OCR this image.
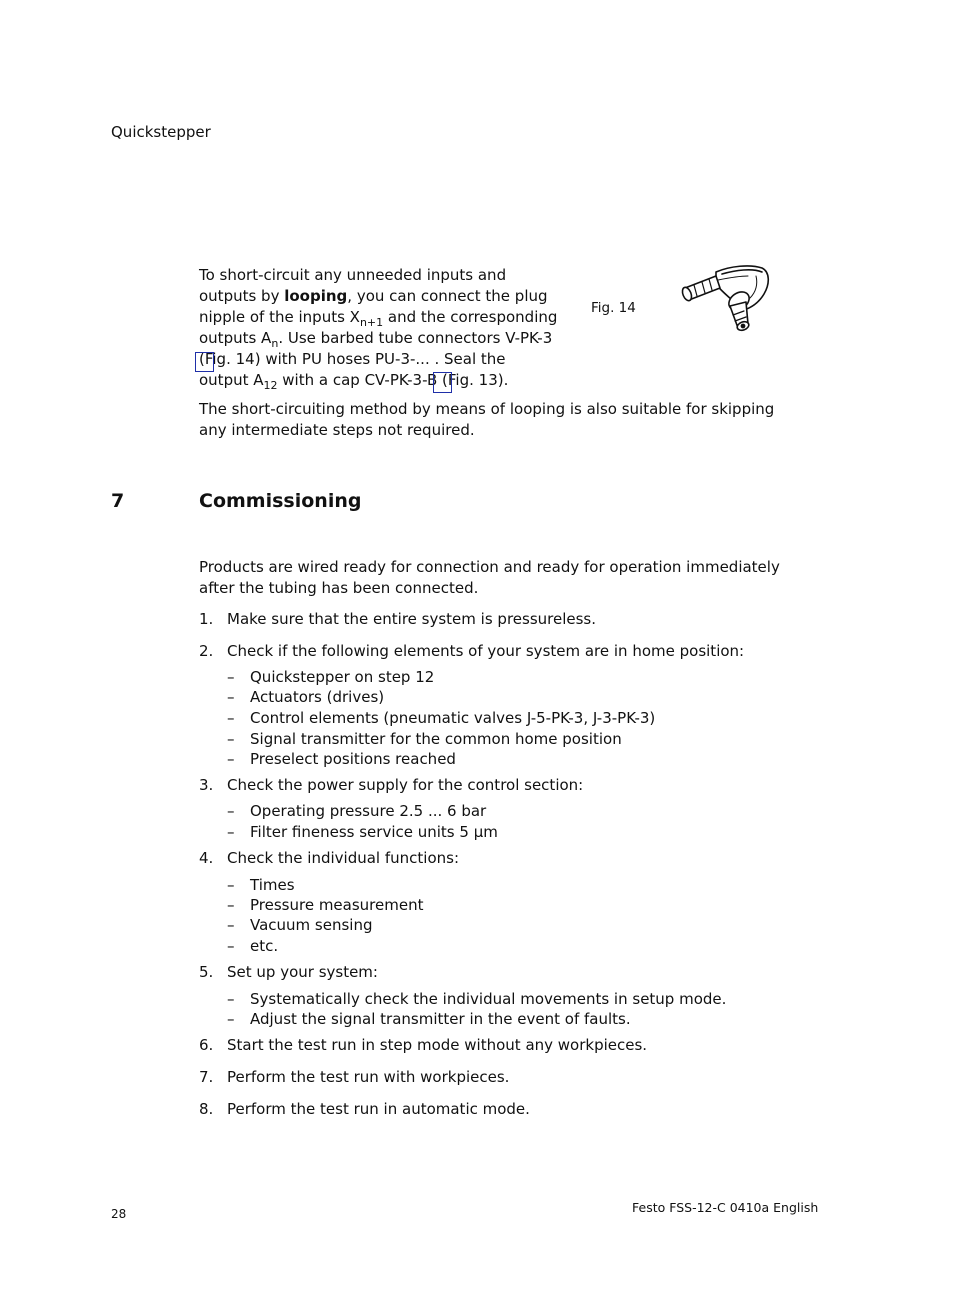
Quickstepper
To short-circuit any unneeded inputs and
outputs by looping, you can connect the plug
nipple of the inputs $X_{n+1}$ and the corresponding
outputs $A_n$. Use barbed tube connectors V-PK-3
(Fig. 14) with PU hoses PU-3-... . Seal the
output $A_{12}$ with a cap CV-PK-3-B (Fig. 13).
Fig. 14
The short-circuiting method by means of looping is also suitable for skipping any intermediate steps not required.
7	Commissioning
Products are wired ready for connection and ready for operation immediately after the tubing has been connected.
1. Make sure that the entire system is pressureless.
2. Check if the following elements of your system are in home position:
– Quickstepper on step 12
– Actuators (drives)
– Control elements (pneumatic valves J-5-PK-3, J-3-PK-3)
– Signal transmitter for the common home position
– Preselect positions reached
3. Check the power supply for the control section:
– Operating pressure 2.5 ... 6 bar
– Filter fineness service units 5 µm
4. Check the individual functions:
– Times
– Pressure measurement
– Vacuum sensing
– etc.
5. Set up your system:
– Systematically check the individual movements in setup mode.
– Adjust the signal transmitter in the event of faults.
6. Start the test run in step mode without any workpieces.
7. Perform the test run with workpieces.
8. Perform the test run in automatic mode.
28	Festo FSS-12-C 0410a English
